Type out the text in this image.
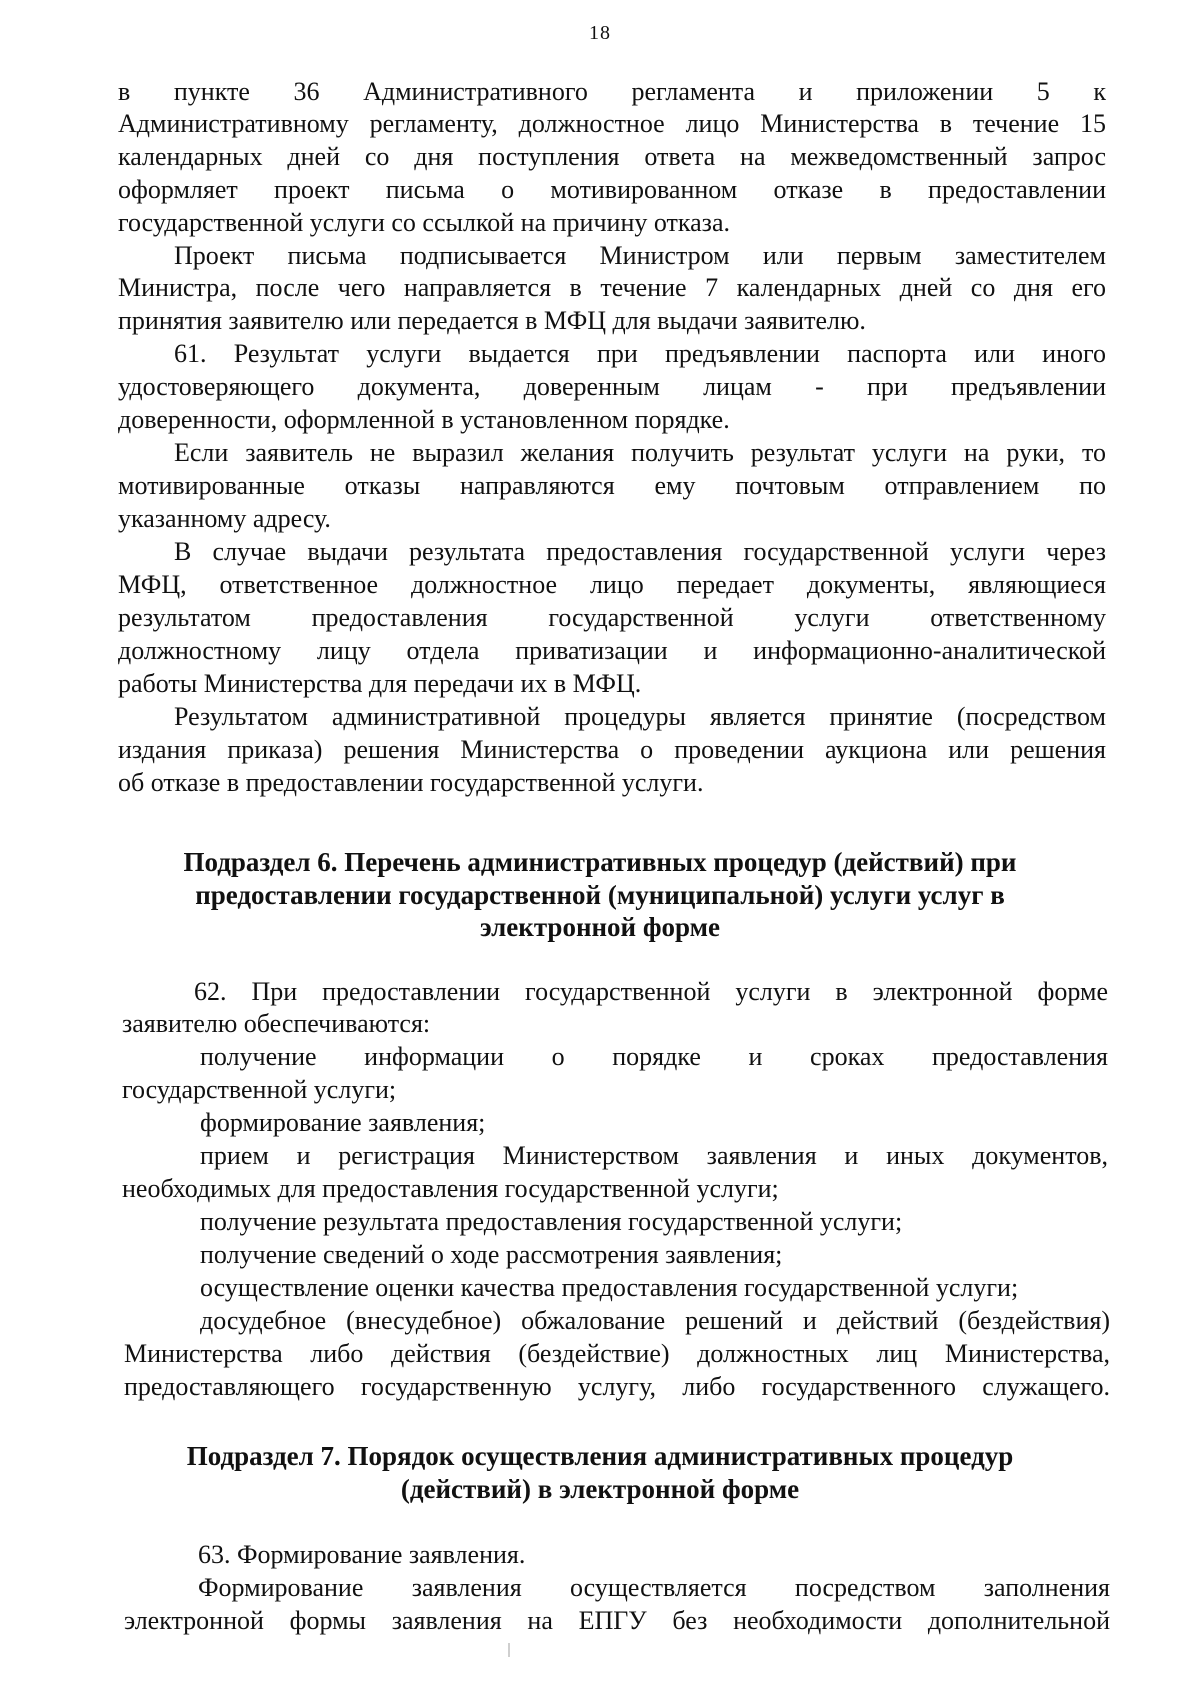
18
в пункте 36 Административного регламента и приложении 5 к
Административному регламенту, должностное лицо Министерства в течение 15
календарных дней со дня поступления ответа на межведомственный запрос
оформляет проект письма о мотивированном отказе в предоставлении
государственной услуги со ссылкой на причину отказа.
Проект письма подписывается Министром или первым заместителем
Министра, после чего направляется в течение 7 календарных дней со дня его
принятия заявителю или передается в МФЦ для выдачи заявителю.
61. Результат услуги выдается при предъявлении паспорта или иного
удостоверяющего документа, доверенным лицам - при предъявлении
доверенности, оформленной в установленном порядке.
Если заявитель не выразил желания получить результат услуги на руки, то
мотивированные отказы направляются ему почтовым отправлением по
указанному адресу.
В случае выдачи результата предоставления государственной услуги через
МФЦ, ответственное должностное лицо передает документы, являющиеся
результатом предоставления государственной услуги ответственному
должностному лицу отдела приватизации и информационно-аналитической
работы Министерства для передачи их в МФЦ.
Результатом административной процедуры является принятие (посредством
издания приказа) решения Министерства о проведении аукциона или решения
об отказе в предоставлении государственной услуги.
Подраздел 6. Перечень административных процедур (действий) при
предоставлении государственной (муниципальной) услуги услуг в
электронной форме
62. При предоставлении государственной услуги в электронной форме
заявителю обеспечиваются:
получение информации о порядке и сроках предоставления
государственной услуги;
формирование заявления;
прием и регистрация Министерством заявления и иных документов,
необходимых для предоставления государственной услуги;
получение результата предоставления государственной услуги;
получение сведений о ходе рассмотрения заявления;
осуществление оценки качества предоставления государственной услуги;
досудебное (внесудебное) обжалование решений и действий (бездействия)
Министерства либо действия (бездействие) должностных лиц Министерства,
предоставляющего государственную услугу, либо государственного служащего.
Подраздел 7. Порядок осуществления административных процедур
(действий) в электронной форме
63. Формирование заявления.
Формирование заявления осуществляется посредством заполнения
электронной формы заявления на ЕПГУ без необходимости дополнительной
